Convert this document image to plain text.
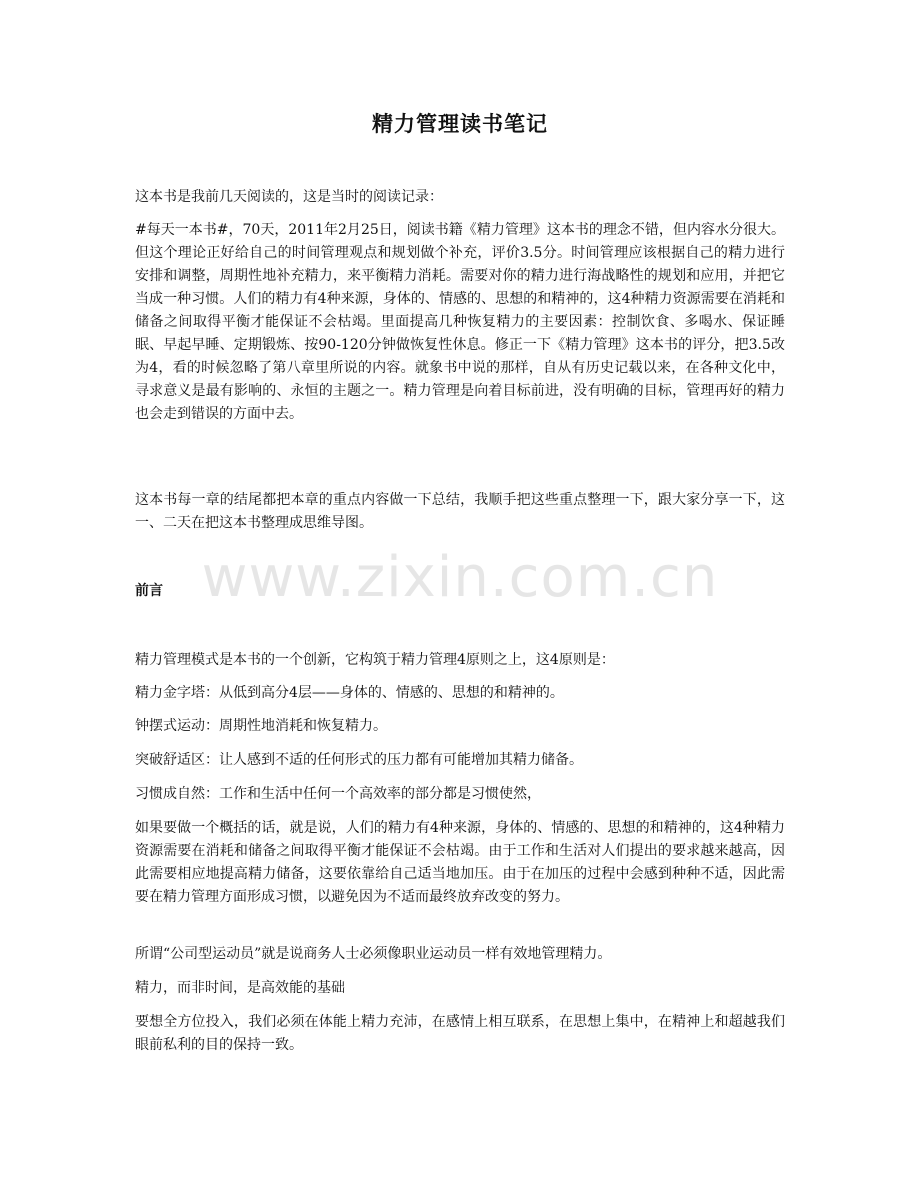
精力管理读书笔记

这本书是我前几天阅读的，这是当时的阅读记录：

#每天一本书#，70天，2011年2月25日，阅读书籍《精力管理》这本书的理念不错，但内容水分很大。但这个理论正好给自己的时间管理观点和规划做个补充，评价3.5分。时间管理应该根据自己的精力进行安排和调整，周期性地补充精力，来平衡精力消耗。需要对你的精力进行海战略性的规划和应用，并把它当成一种习惯。人们的精力有4种来源，身体的、情感的、思想的和精神的，这4种精力资源需要在消耗和储备之间取得平衡才能保证不会枯竭。里面提高几种恢复精力的主要因素：控制饮食、多喝水、保证睡眠、早起早睡、定期锻炼、按90-120分钟做恢复性休息。修正一下《精力管理》这本书的评分，把3.5改为4，看的时候忽略了第八章里所说的内容。就象书中说的那样，自从有历史记载以来，在各种文化中，寻求意义是最有影响的、永恒的主题之一。精力管理是向着目标前进，没有明确的目标，管理再好的精力也会走到错误的方面中去。

这本书每一章的结尾都把本章的重点内容做一下总结，我顺手把这些重点整理一下，跟大家分享一下，这一、二天在把这本书整理成思维导图。

前言

精力管理模式是本书的一个创新，它构筑于精力管理4原则之上，这4原则是：

精力金字塔：从低到高分4层——身体的、情感的、思想的和精神的。

钟摆式运动：周期性地消耗和恢复精力。

突破舒适区：让人感到不适的任何形式的压力都有可能增加其精力储备。

习惯成自然：工作和生活中任何一个高效率的部分都是习惯使然，

如果要做一个概括的话，就是说，人们的精力有4种来源，身体的、情感的、思想的和精神的，这4种精力资源需要在消耗和储备之间取得平衡才能保证不会枯竭。由于工作和生活对人们提出的要求越来越高，因此需要相应地提高精力储备，这要依靠给自己适当地加压。由于在加压的过程中会感到种种不适，因此需要在精力管理方面形成习惯，以避免因为不适而最终放弃改变的努力。

所谓“公司型运动员”就是说商务人士必须像职业运动员一样有效地管理精力。

精力，而非时间，是高效能的基础

要想全方位投入，我们必须在体能上精力充沛，在感情上相互联系，在思想上集中，在精神上和超越我们眼前私利的目的保持一致。

www.zixin.com.cn
